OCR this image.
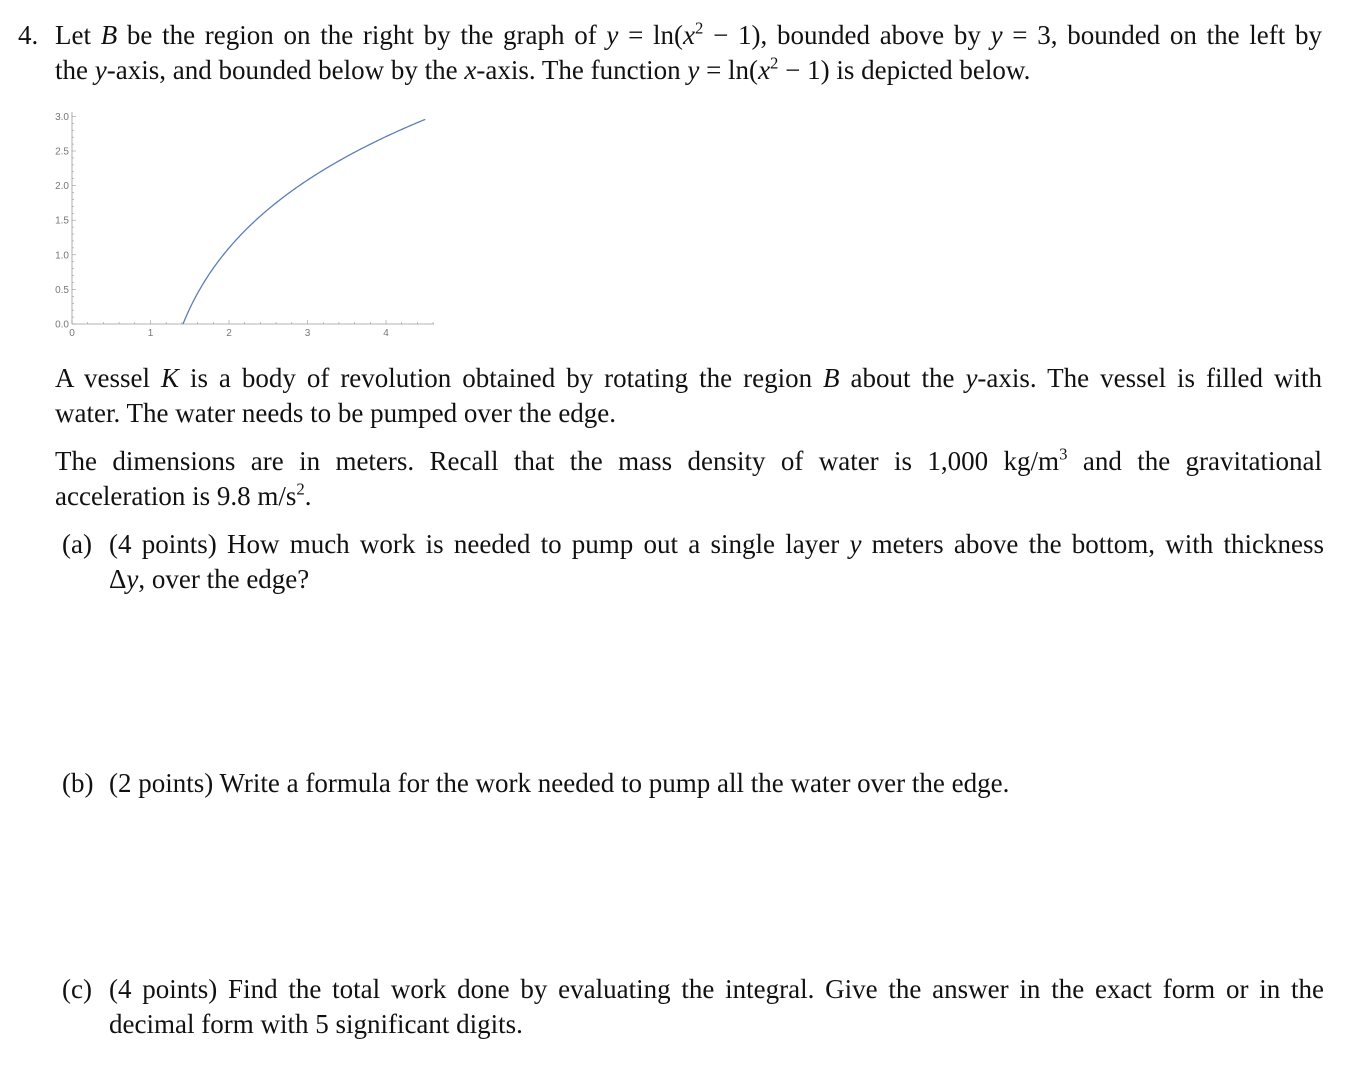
4. Let B be the region on the right by the graph of $y = \ln(x^2 - 1)$, bounded above by y = 3, bounded on the left by
the y-axis, and bounded below by the x-axis. The function $y = \ln(x^2 - 1)$ is depicted below.
1	2	3	4
0
0.0
0.5
1.0
1.5
2.0
2.5
3.0
A vessel K is a body of revolution obtained by rotating the region B about the y-axis. The vessel is filled with
water. The water needs to be pumped over the edge.
The dimensions are in meters. Recall that the mass density of water is 1,000 $kg/m^3$ and the gravitational
acceleration is 9.8 $m/s^2$.
(a) (4 points) How much work is needed to pump out a single layer y meters above the bottom, with thickness
Δy, over the edge?
(b) (2 points) Write a formula for the work needed to pump all the water over the edge.
(c) (4 points) Find the total work done by evaluating the integral. Give the answer in the exact form or in the
decimal form with 5 significant digits.
